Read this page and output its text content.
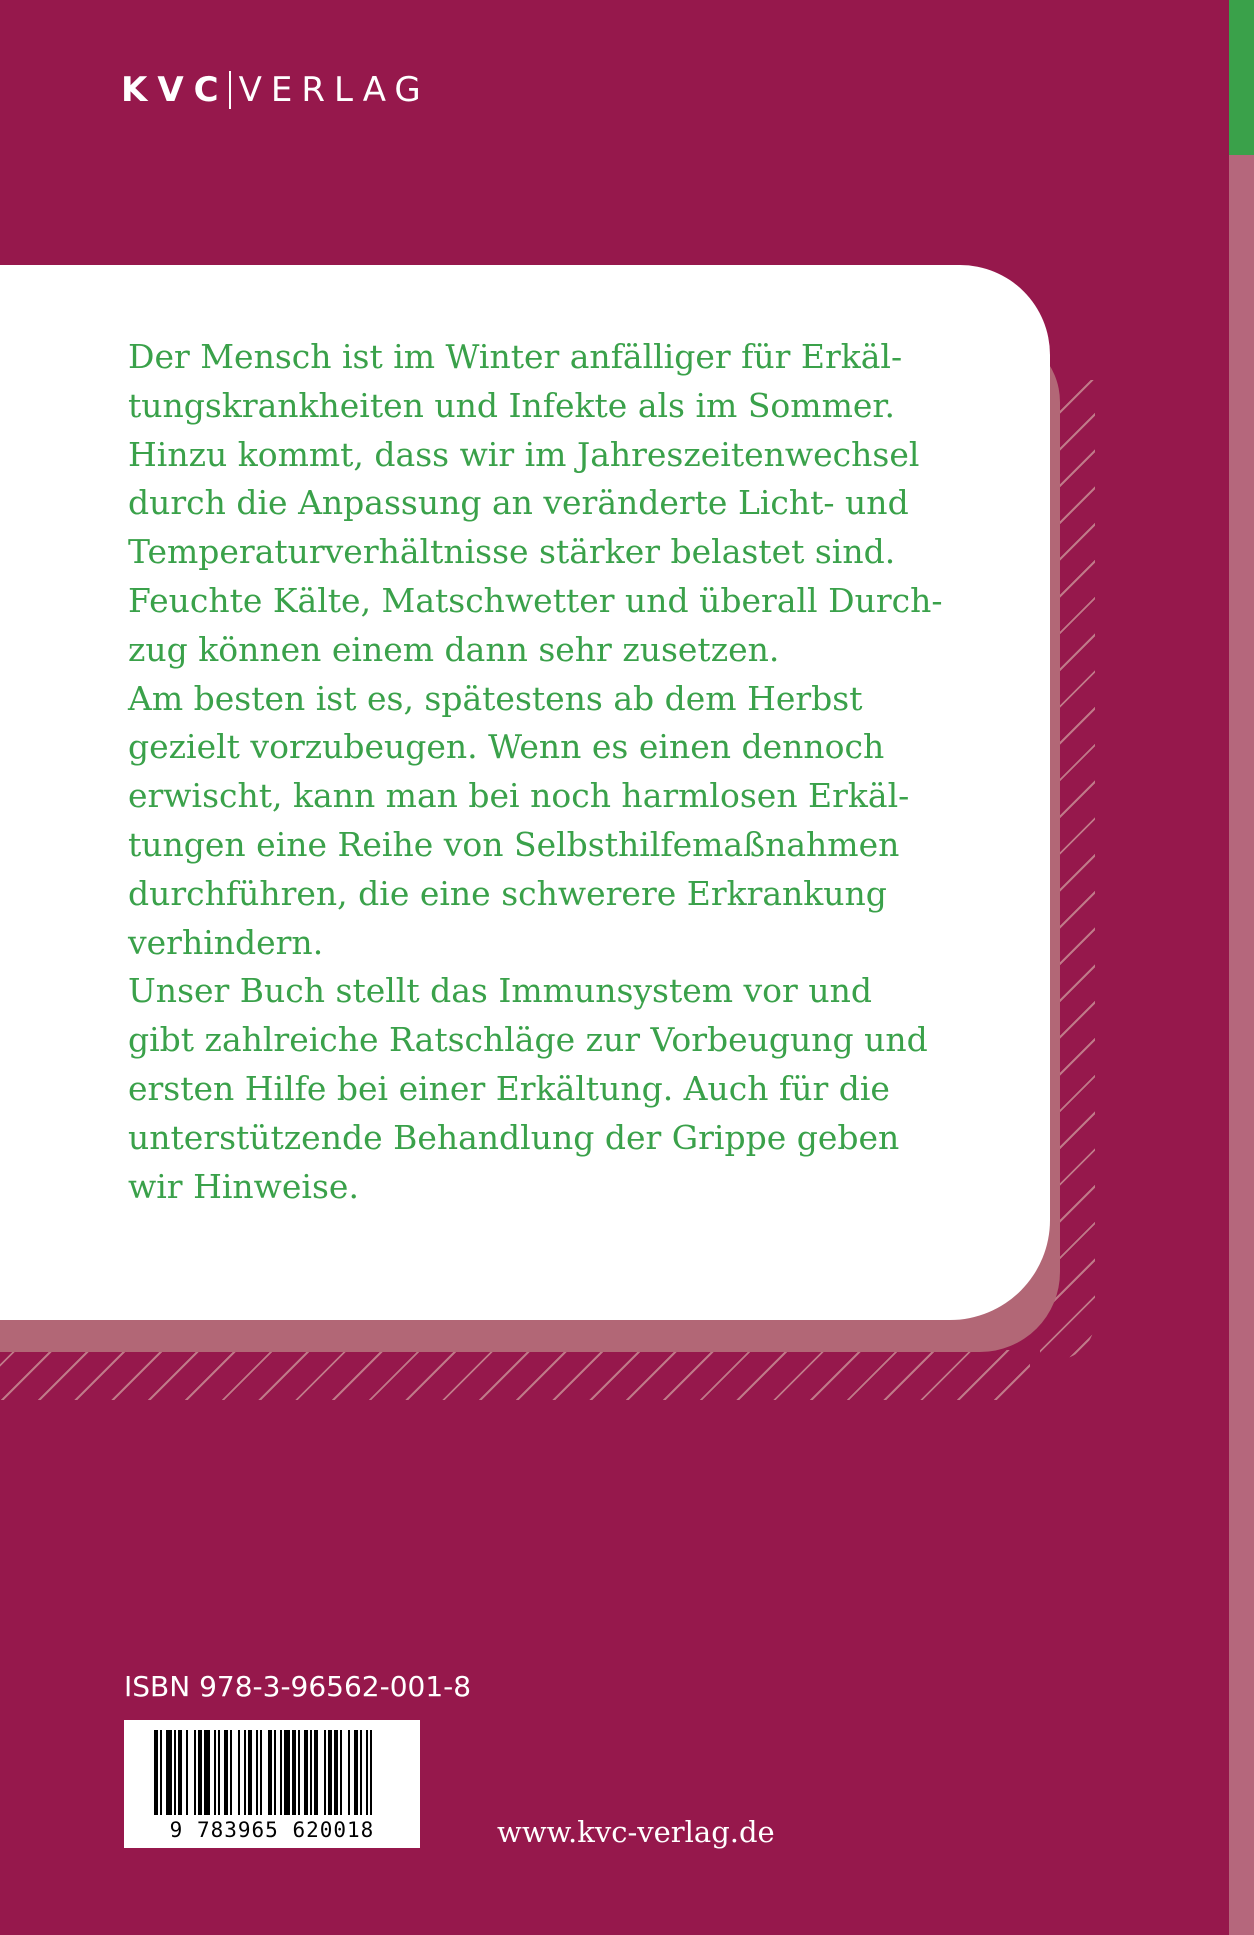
KVC VERLAG

Der Mensch ist im Winter anfälliger für Erkäl-
tungskrankheiten und Infekte als im Sommer.
Hinzu kommt, dass wir im Jahreszeitenwechsel
durch die Anpassung an veränderte Licht- und
Temperaturverhältnisse stärker belastet sind.
Feuchte Kälte, Matschwetter und überall Durch-
zug können einem dann sehr zusetzen.

Am besten ist es, spätestens ab dem Herbst
gezielt vorzubeugen. Wenn es einen dennoch
erwischt, kann man bei noch harmlosen Erkäl-
tungen eine Reihe von Selbsthilfemaßnahmen
durchführen, die eine schwerere Erkrankung
verhindern.

Unser Buch stellt das Immunsystem vor und
gibt zahlreiche Ratschläge zur Vorbeugung und
ersten Hilfe bei einer Erkältung. Auch für die
unterstützende Behandlung der Grippe geben
wir Hinweise.

ISBN 978-3-96562-001-8
9 783965 620018	www.kvc-verlag.de
